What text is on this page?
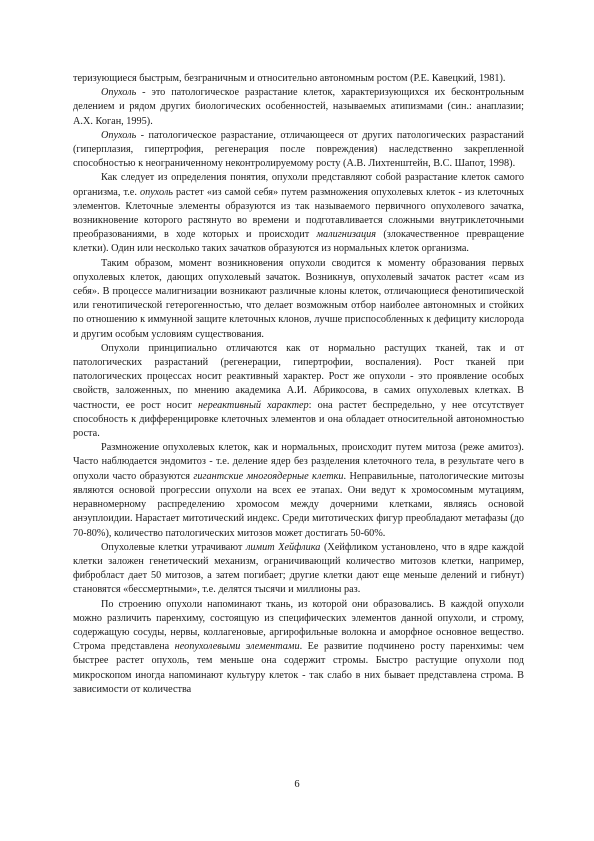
теризующиеся быстрым, безграничным и относительно автономным ростом (Р.Е. Кавецкий, 1981).

Опухоль - это патологическое разрастание клеток, характеризующихся их бесконтрольным делением и рядом других биологических особенностей, называемых атипизмами (син.: анаплазии; А.Х. Коган, 1995).

Опухоль - патологическое разрастание, отличающееся от других патологических разрастаний (гиперплазия, гипертрофия, регенерация после повреждения) наследственно закрепленной способностью к неограниченному неконтролируемому росту (А.В. Лихтенштейн, В.С. Шапот, 1998).

Как следует из определения понятия, опухоли представляют собой разрастание клеток самого организма, т.е. опухоль растет «из самой себя» путем размножения опухолевых клеток - из клеточных элементов. Клеточные элементы образуются из так называемого первичного опухолевого зачатка, возникновение которого растянуто во времени и подготавливается сложными внутриклеточными преобразованиями, в ходе которых и происходит малигнизация (злокачественное превращение клетки). Один или несколько таких зачатков образуются из нормальных клеток организма.

Таким образом, момент возникновения опухоли сводится к моменту образования первых опухолевых клеток, дающих опухолевый зачаток. Возникнув, опухолевый зачаток растет «сам из себя». В процессе малигнизации возникают различные клоны клеток, отличающиеся фенотипической или генотипической гетерогенностью, что делает возможным отбор наиболее автономных и стойких по отношению к иммунной защите клеточных клонов, лучше приспособленных к дефициту кислорода и другим особым условиям существования.

Опухоли принципиально отличаются как от нормально растущих тканей, так и от патологических разрастаний (регенерации, гипертрофии, воспаления). Рост тканей при патологических процессах носит реактивный характер. Рост же опухоли - это проявление особых свойств, заложенных, по мнению академика А.И. Абрикосова, в самих опухолевых клетках. В частности, ее рост носит нереактивный характер: она растет беспредельно, у нее отсутствует способность к дифференцировке клеточных элементов и она обладает относительной автономностью роста.

Размножение опухолевых клеток, как и нормальных, происходит путем митоза (реже амитоз). Часто наблюдается эндомитоз - т.е. деление ядер без разделения клеточного тела, в результате чего в опухоли часто образуются гигантские многоядерные клетки. Неправильные, патологические митозы являются основой прогрессии опухоли на всех ее этапах. Они ведут к хромосомным мутациям, неравномерному распределению хромосом между дочерними клетками, являясь основой анэуплоидии. Нарастает митотический индекс. Среди митотических фигур преобладают метафазы (до 70-80%), количество патологических митозов может достигать 50-60%.

Опухолевые клетки утрачивают лимит Хейфлика (Хейфликом установлено, что в ядре каждой клетки заложен генетический механизм, ограничивающий количество митозов клетки, например, фибробласт дает 50 митозов, а затем погибает; другие клетки дают еще меньше делений и гибнут) становятся «бессмертными», т.е. делятся тысячи и миллионы раз.

По строению опухоли напоминают ткань, из которой они образовались. В каждой опухоли можно различить паренхиму, состоящую из специфических элементов данной опухоли, и строму, содержащую сосуды, нервы, коллагеновые, аргирофильные волокна и аморфное основное вещество. Строма представлена неопухолевыми элементами. Ее развитие подчинено росту паренхимы: чем быстрее растет опухоль, тем меньше она содержит стромы. Быстро растущие опухоли под микроскопом иногда напоминают культуру клеток - так слабо в них бывает представлена строма. В зависимости от количества

6
